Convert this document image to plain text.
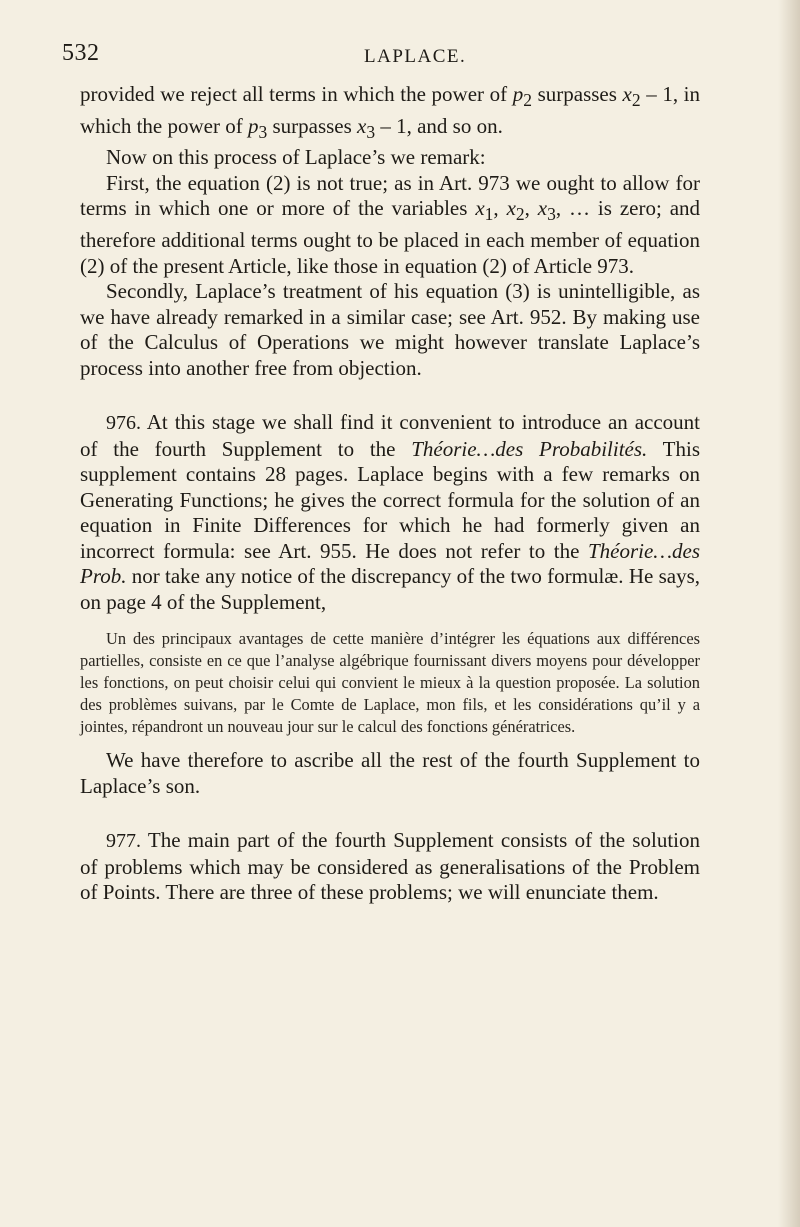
532	LAPLACE.

provided we reject all terms in which the power of $p_2$ surpasses $x_2 - 1$, in which the power of $p_3$ surpasses $x_3 - 1$, and so on.

Now on this process of Laplace’s we remark:

First, the equation (2) is not true; as in Art. 973 we ought to allow for terms in which one or more of the variables $x_1$, $x_2$, $x_3$, … is zero; and therefore additional terms ought to be placed in each member of equation (2) of the present Article, like those in equation (2) of Article 973.

Secondly, Laplace’s treatment of his equation (3) is unintelligible, as we have already remarked in a similar case; see Art. 952. By making use of the Calculus of Operations we might however translate Laplace’s process into another free from objection.

976. At this stage we shall find it convenient to introduce an account of the fourth Supplement to the Théorie…des Probabilités. This supplement contains 28 pages. Laplace begins with a few remarks on Generating Functions; he gives the correct formula for the solution of an equation in Finite Differences for which he had formerly given an incorrect formula: see Art. 955. He does not refer to the Théorie…des Prob. nor take any notice of the discrepancy of the two formulæ. He says, on page 4 of the Supplement,

Un des principaux avantages de cette manière d’intégrer les équations aux différences partielles, consiste en ce que l’analyse algébrique fournissant divers moyens pour développer les fonctions, on peut choisir celui qui convient le mieux à la question proposée. La solution des problèmes suivans, par le Comte de Laplace, mon fils, et les considérations qu’il y a jointes, répandront un nouveau jour sur le calcul des fonctions génératrices.

We have therefore to ascribe all the rest of the fourth Supplement to Laplace’s son.

977. The main part of the fourth Supplement consists of the solution of problems which may be considered as generalisations of the Problem of Points. There are three of these problems; we will enunciate them.
